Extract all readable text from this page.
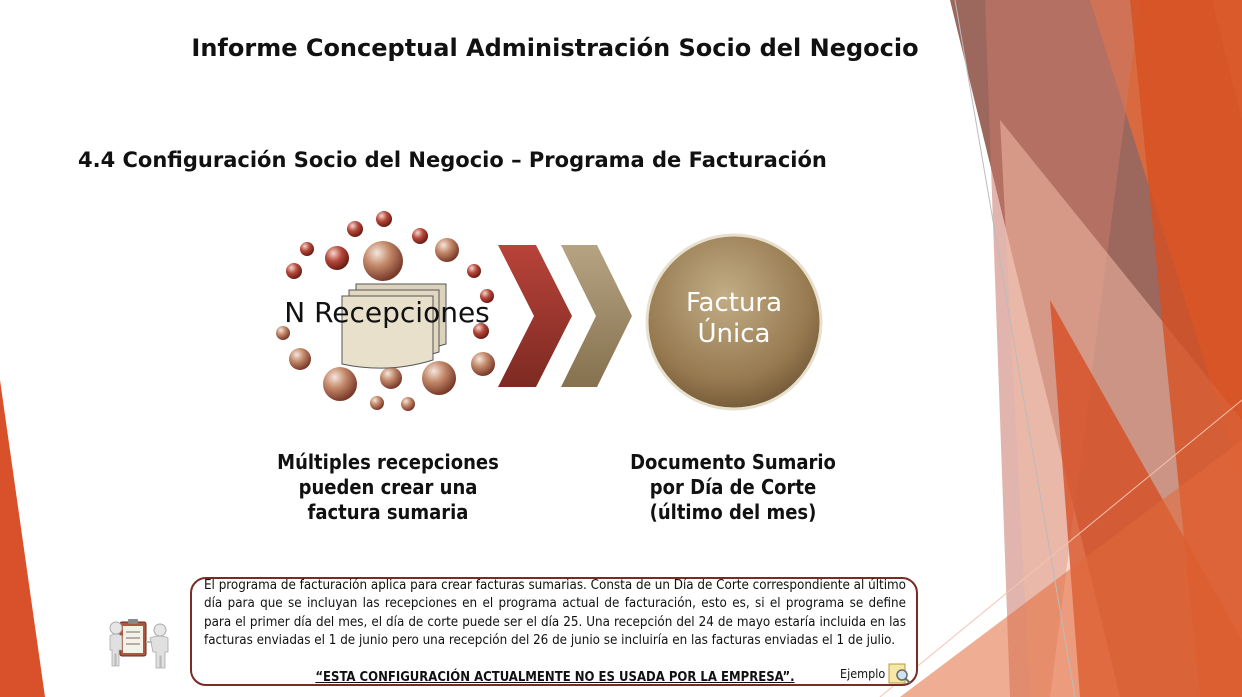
Informe Conceptual Administración Socio del Negocio
4.4 Configuración Socio del Negocio – Programa de Facturación
N Recepciones	Factura
Única
Múltiples recepciones
pueden crear una
factura sumaria
Documento Sumario
por Día de Corte
(último del mes)
El programa de facturación aplica para crear facturas sumarias. Consta de un Día de Corte correspondiente al último día para que se incluyan las recepciones en el programa actual de facturación, esto es, si el programa se define para el primer día del mes, el día de corte puede ser el día 25. Una recepción del 24 de mayo estaría incluida en las facturas enviadas el 1 de junio pero una recepción del 26 de junio se incluiría en las facturas enviadas el 1 de julio.
“ESTA CONFIGURACIÓN ACTUALMENTE NO ES USADA POR LA EMPRESA”.	Ejemplo
